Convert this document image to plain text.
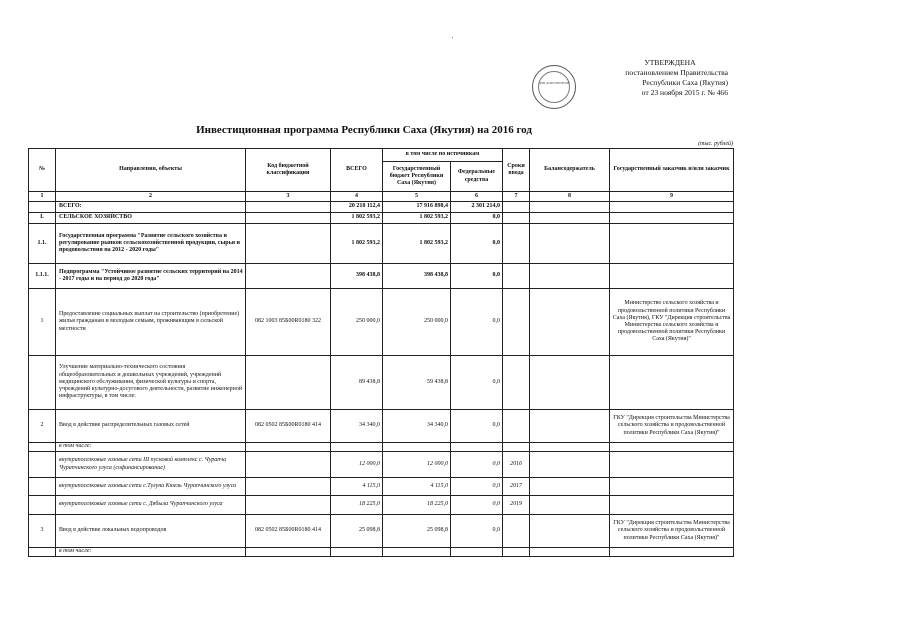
'
ДЛЯ ДОКУМЕНТОВ
УТВЕРЖДЕНА
постановлением Правительства
Республики Саха (Якутия)
от 23 ноября 2015 г. № 466
Инвестиционная программа Республики Саха (Якутия) на 2016 год
(тыс. рублей)
№	Направления, объекты	Код бюджетной классификации	ВСЕГО	в том числе по источникам		Сроки ввода	Балансодержатель	Государственный заказчик и/или заказчик
				Государственный бюджет Республики Саха (Якутия)	Федеральные средства			
1	2	3	4	5	6	7	8	9
	ВСЕГО:		20 218 112,4	17 916 898,4	2 301 214,0			
I.	СЕЛЬСКОЕ ХОЗЯЙСТВО		1 802 593,2	1 802 593,2	0,0			
1.1.	Государственная программа "Развитие сельского хозяйства и регулирование рынков сельскохозяйственной продукции, сырья и продовольствия на 2012 - 2020 годы"		1 802 593,2	1 802 593,2	0,0			
1.1.1.	Подпрограмма "Устойчивое развитие сельских территорий на 2014 - 2017 годы и на период до 2020 года"		398 438,8	398 438,8	0,0			
1	Предоставление социальных выплат на строительство (приобретение) жилья гражданам и молодым семьям, проживающим в сельской местности	082 1003 85Б00R0180 322	250 000,0	250 000,0	0,0			Министерство сельского хозяйства и продовольственной политики Республики Саха (Якутия), ГКУ "Дирекция строительства Министерства сельского хозяйства и продовольственной политики Республики Саха (Якутия)"
	Улучшение материально-технического состояния общеобразовательных и дошкольных учреждений, учреждений медицинского обслуживания, физической культуры и спорта, учреждений культурно-досугового деятельности, развитие инженерной инфраструктуры, в том числе:		89 438,8	59 438,8	0,0			
2	Ввод в действие распределительных газовых сетей	082 0502 85Б00R0180 414	34 340,0	34 340,0	0,0			ГКУ "Дирекция строительства Министерства сельского хозяйства и продовольственной политики Республики Саха (Якутия)"
	в том числе:							
	внутрипоселковые газовые сети III пусковой комплекс с. Чурапча Чурапчинского улуса (софинансирование)		12 000,0	12 000,0	0,0	2016		
	внутрипоселковые газовые сети с.Тулуна Кюель Чурапчинского улуса		4 115,0	4 115,0	0,0	2017		
	внутрипоселковые газовые сети с. Дябыла Чурапчинского улуса		18 225,0	18 225,0	0,0	2019		
3	Ввод в действие локальных водопроводов	082 0502 85Б00R0180 414	25 098,8	25 098,8	0,0			ГКУ "Дирекция строительства Министерства сельского хозяйства и продовольственной политики Республики Саха (Якутия)"
	в том числе:							
